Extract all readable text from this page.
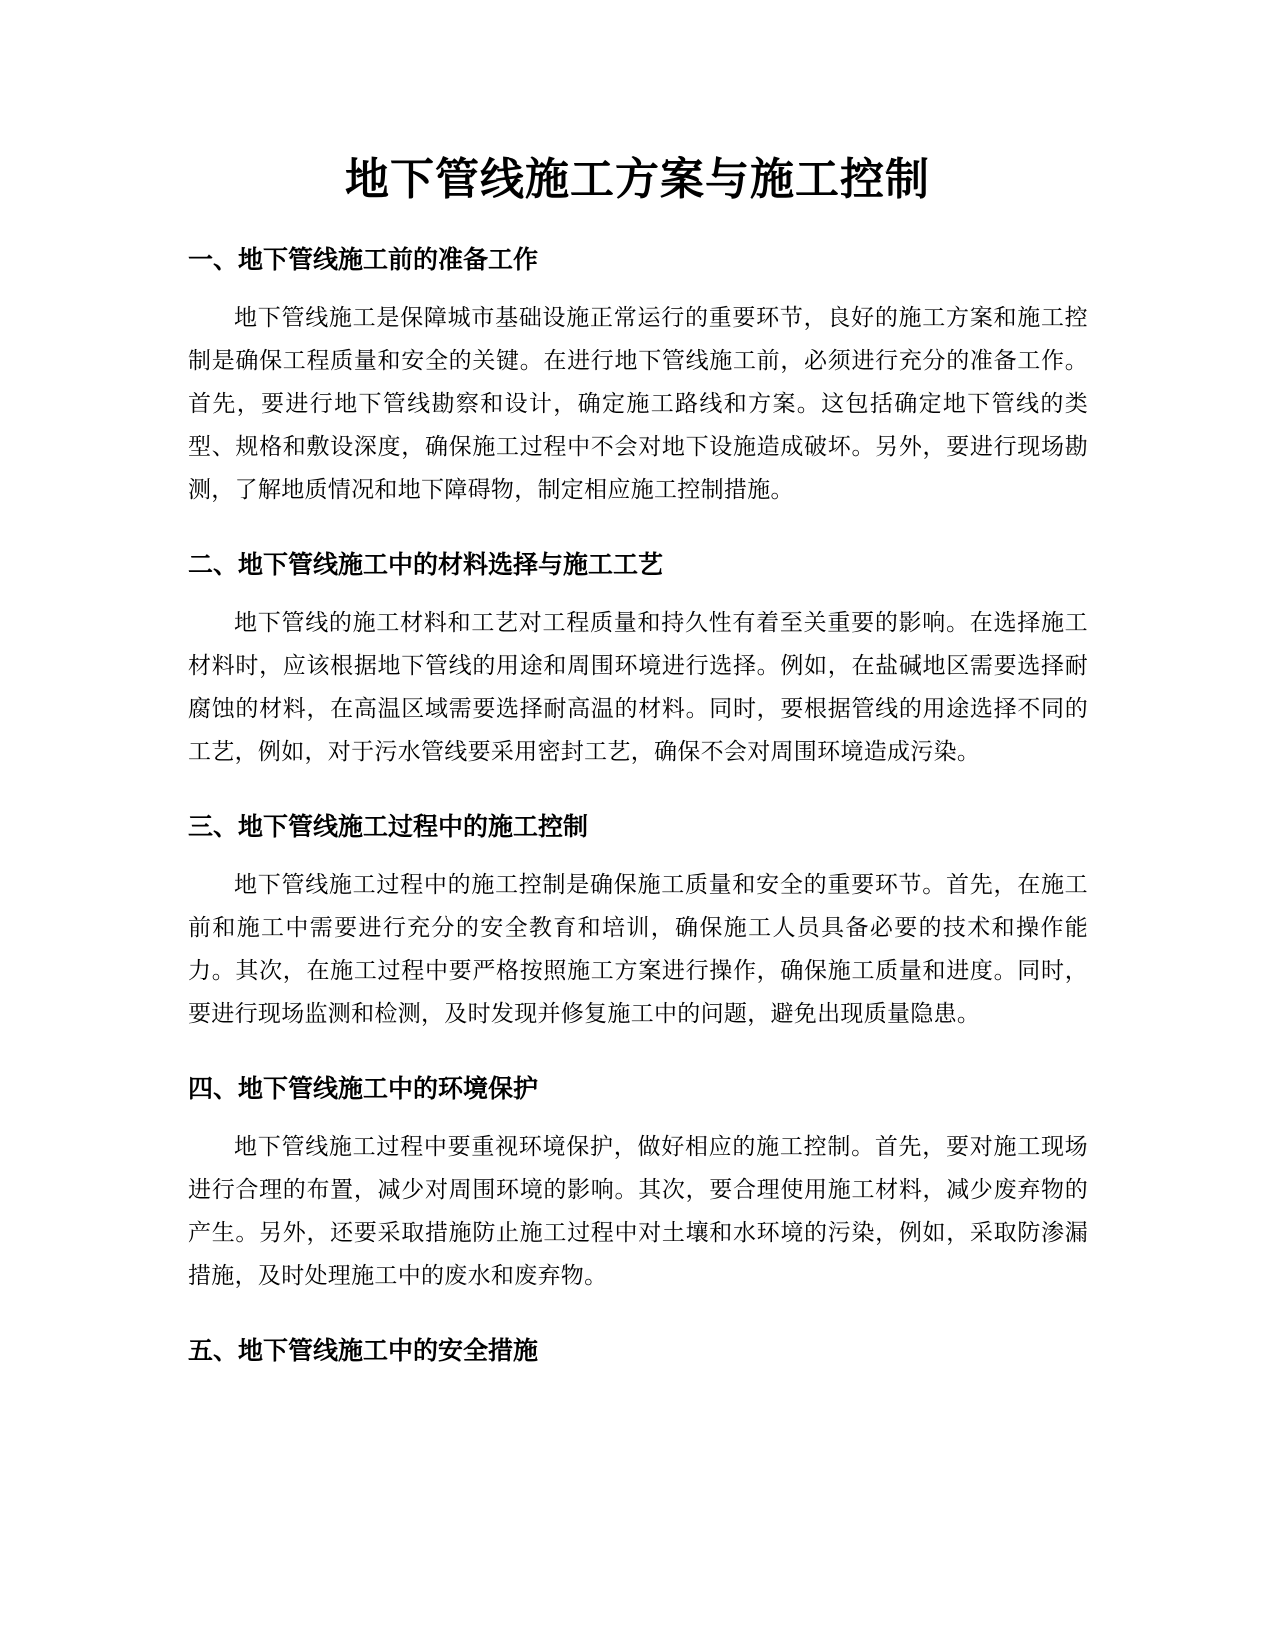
地下管线施工方案与施工控制
一、地下管线施工前的准备工作

地下管线施工是保障城市基础设施正常运行的重要环节，良好的施工方案和施工控制是确保工程质量和安全的关键。在进行地下管线施工前，必须进行充分的准备工作。首先，要进行地下管线勘察和设计，确定施工路线和方案。这包括确定地下管线的类型、规格和敷设深度，确保施工过程中不会对地下设施造成破坏。另外，要进行现场勘测，了解地质情况和地下障碍物，制定相应施工控制措施。

二、地下管线施工中的材料选择与施工工艺

地下管线的施工材料和工艺对工程质量和持久性有着至关重要的影响。在选择施工材料时，应该根据地下管线的用途和周围环境进行选择。例如，在盐碱地区需要选择耐腐蚀的材料，在高温区域需要选择耐高温的材料。同时，要根据管线的用途选择不同的工艺，例如，对于污水管线要采用密封工艺，确保不会对周围环境造成污染。

三、地下管线施工过程中的施工控制

地下管线施工过程中的施工控制是确保施工质量和安全的重要环节。首先，在施工前和施工中需要进行充分的安全教育和培训，确保施工人员具备必要的技术和操作能力。其次，在施工过程中要严格按照施工方案进行操作，确保施工质量和进度。同时，要进行现场监测和检测，及时发现并修复施工中的问题，避免出现质量隐患。

四、地下管线施工中的环境保护

地下管线施工过程中要重视环境保护，做好相应的施工控制。首先，要对施工现场进行合理的布置，减少对周围环境的影响。其次，要合理使用施工材料，减少废弃物的产生。另外，还要采取措施防止施工过程中对土壤和水环境的污染，例如，采取防渗漏措施，及时处理施工中的废水和废弃物。

五、地下管线施工中的安全措施
